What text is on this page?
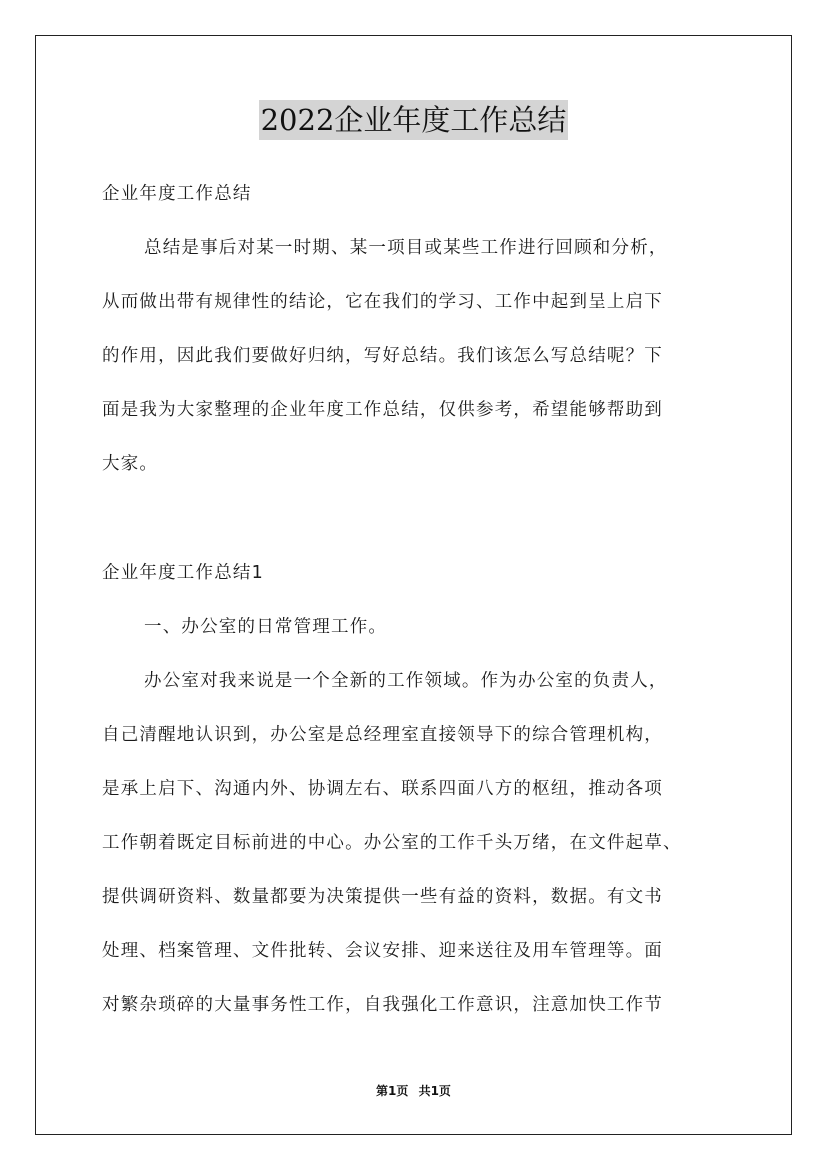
2022企业年度工作总结
企业年度工作总结
总结是事后对某一时期、某一项目或某些工作进行回顾和分析，
从而做出带有规律性的结论，它在我们的学习、工作中起到呈上启下
的作用，因此我们要做好归纳，写好总结。我们该怎么写总结呢？下
面是我为大家整理的企业年度工作总结，仅供参考，希望能够帮助到
大家。
企业年度工作总结1
一、办公室的日常管理工作。
办公室对我来说是一个全新的工作领域。作为办公室的负责人，
自己清醒地认识到，办公室是总经理室直接领导下的综合管理机构，
是承上启下、沟通内外、协调左右、联系四面八方的枢纽，推动各项
工作朝着既定目标前进的中心。办公室的工作千头万绪，在文件起草、
提供调研资料、数量都要为决策提供一些有益的资料，数据。有文书
处理、档案管理、文件批转、会议安排、迎来送往及用车管理等。面
对繁杂琐碎的大量事务性工作，自我强化工作意识，注意加快工作节
第1页 共1页
